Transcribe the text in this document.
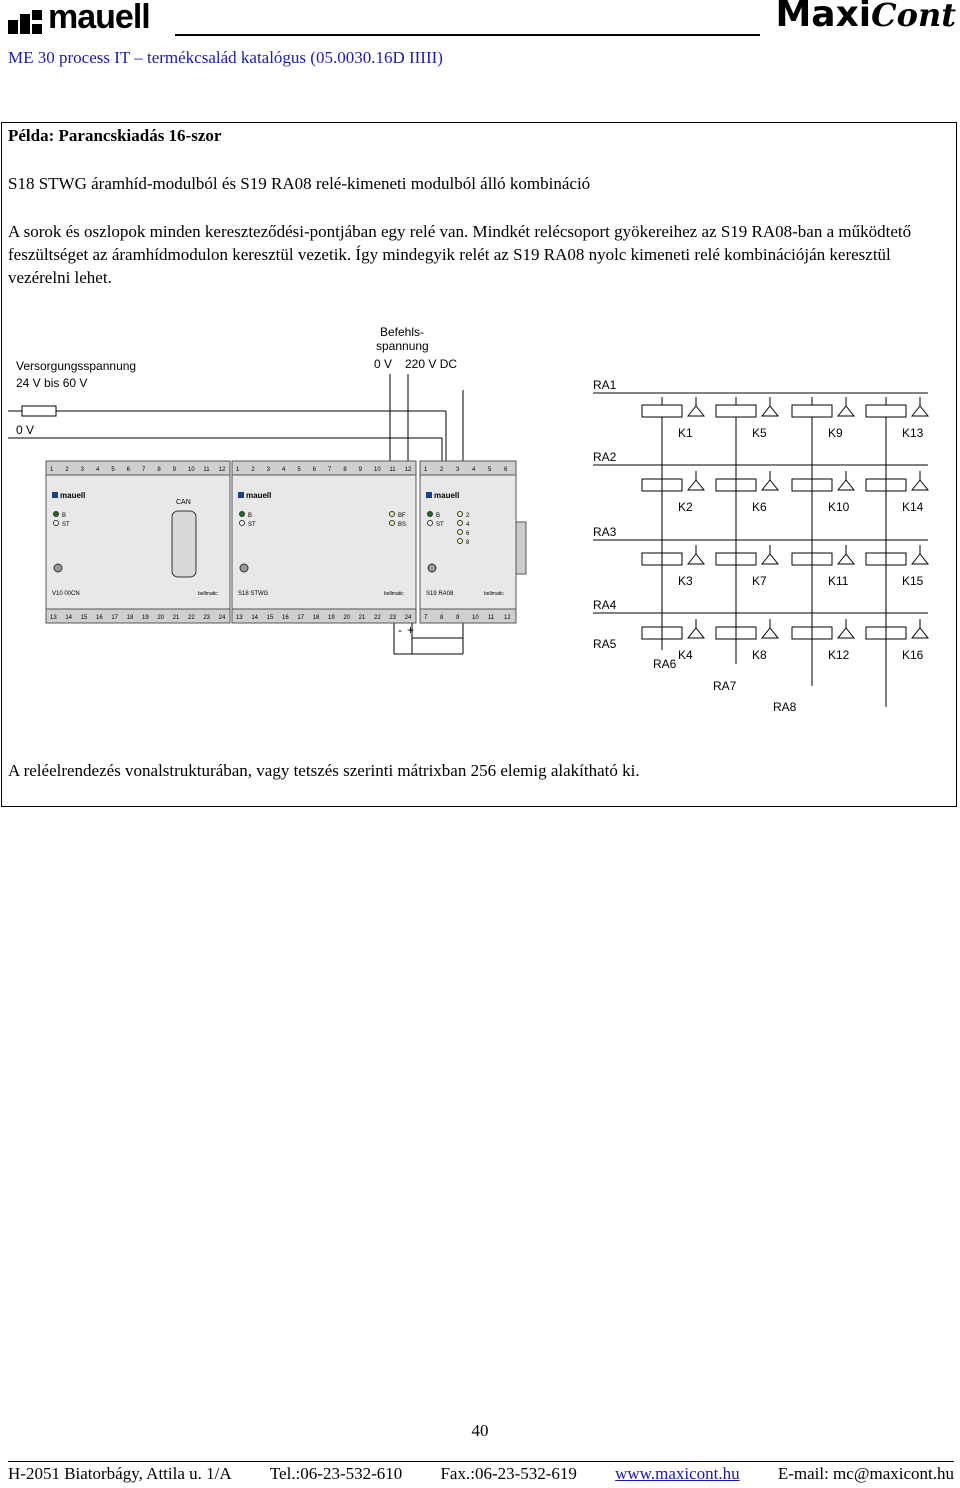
mauell	MaxiCont
ME 30 process IT – termékcsalád katalógus (05.0030.16D IIIII)
Példa: Parancskiadás 16-szor
S18 STWG áramhíd-modulból és S19 RA08 relé-kimeneti modulból álló kombináció
A sorok és oszlopok minden kereszteződési-pontjában egy relé van. Mindkét relécsoport gyökereihez az S19 RA08-ban a működtető feszültséget az áramhídmodulon keresztül vezetik. Így mindegyik relét az S19 RA08 nyolc kimeneti relé kombinációján keresztül vezérelni lehet.
Versorgungsspannung
24 V bis 60 V
Befehls-
spannung
0 V 220 V DC
0 V
- +
1 2 3 4 5 6 7 8 9 10 11 12
13 14 15 16 17 18 19 20 21 22 23 24
mauell
B
ST
CAN
V10 00CN	bellmatic
1 2 3 4 5 6 7 8 9 10 11 12
13 14 15 16 17 18 19 20 21 22 23 24
mauell
B
ST
BF
BS
S18 STWG	bellmatic
1 2 3 4 5 6
7 8 9 10 11 12
mauell
B
ST
2
4
6
8
S19 RA08	bellmatic
RA1
RA2
RA3
RA4
RA5
RA6
RA7
RA8
K1
K2
K3
K4
K5
K6
K7
K8
K9
K10
K11
K12
K13
K14
K15
K16
A reléelrendezés vonalstrukturában, vagy tetszés szerinti mátrixban 256 elemig alakítható ki.
40
H-2051 Biatorbágy, Attila u. 1/A Tel.:06-23-532-610 Fax.:06-23-532-619 www.maxicont.hu E-mail: mc@maxicont.hu
